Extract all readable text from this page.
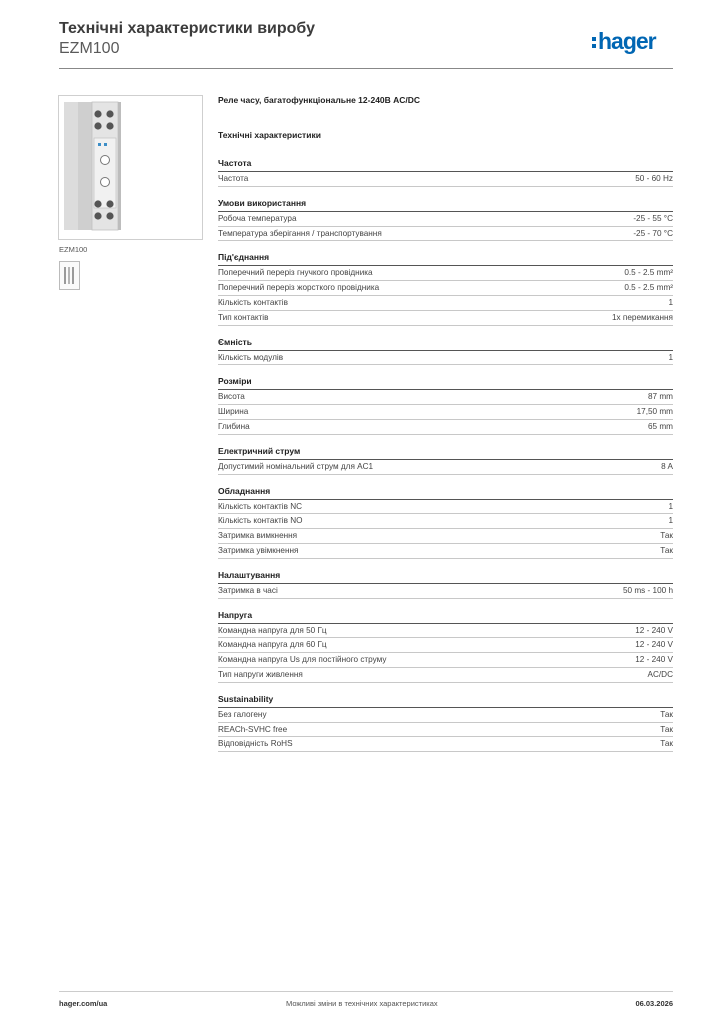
Технічні характеристики виробу
EZM100	hager
EZM100
Реле часу, багатофункціональне 12-240В AC/DC
Технічні характеристики
Частота
Частота	50 - 60 Hz
Умови використання
Робоча температура	-25 - 55 °C
Температура зберігання / транспортування	-25 - 70 °C
Під'єднання
Поперечний переріз гнучкого провідника	0.5 - 2.5 mm²
Поперечний переріз жорсткого провідника	0.5 - 2.5 mm²
Кількість контактів	1
Тип контактів	1x перемикання
Ємність
Кількість модулів	1
Розміри
Висота	87 mm
Ширина	17,50 mm
Глибина	65 mm
Електричний струм
Допустимий номінальний струм для AC1	8 A
Обладнання
Кількість контактів NC	1
Кількість контактів NO	1
Затримка вимкнення	Так
Затримка увімкнення	Так
Налаштування
Затримка в часі	50 ms - 100 h
Напруга
Командна напруга для 50 Гц	12 - 240 V
Командна напруга для 60 Гц	12 - 240 V
Командна напруга Us для постійного струму	12 - 240 V
Тип напруги живлення	AC/DC
Sustainability
Без галогену	Так
REACh-SVHC free	Так
Відповідність RoHS	Так
hager.com/ua	Можливі зміни в технічних характеристиках	06.03.2026
